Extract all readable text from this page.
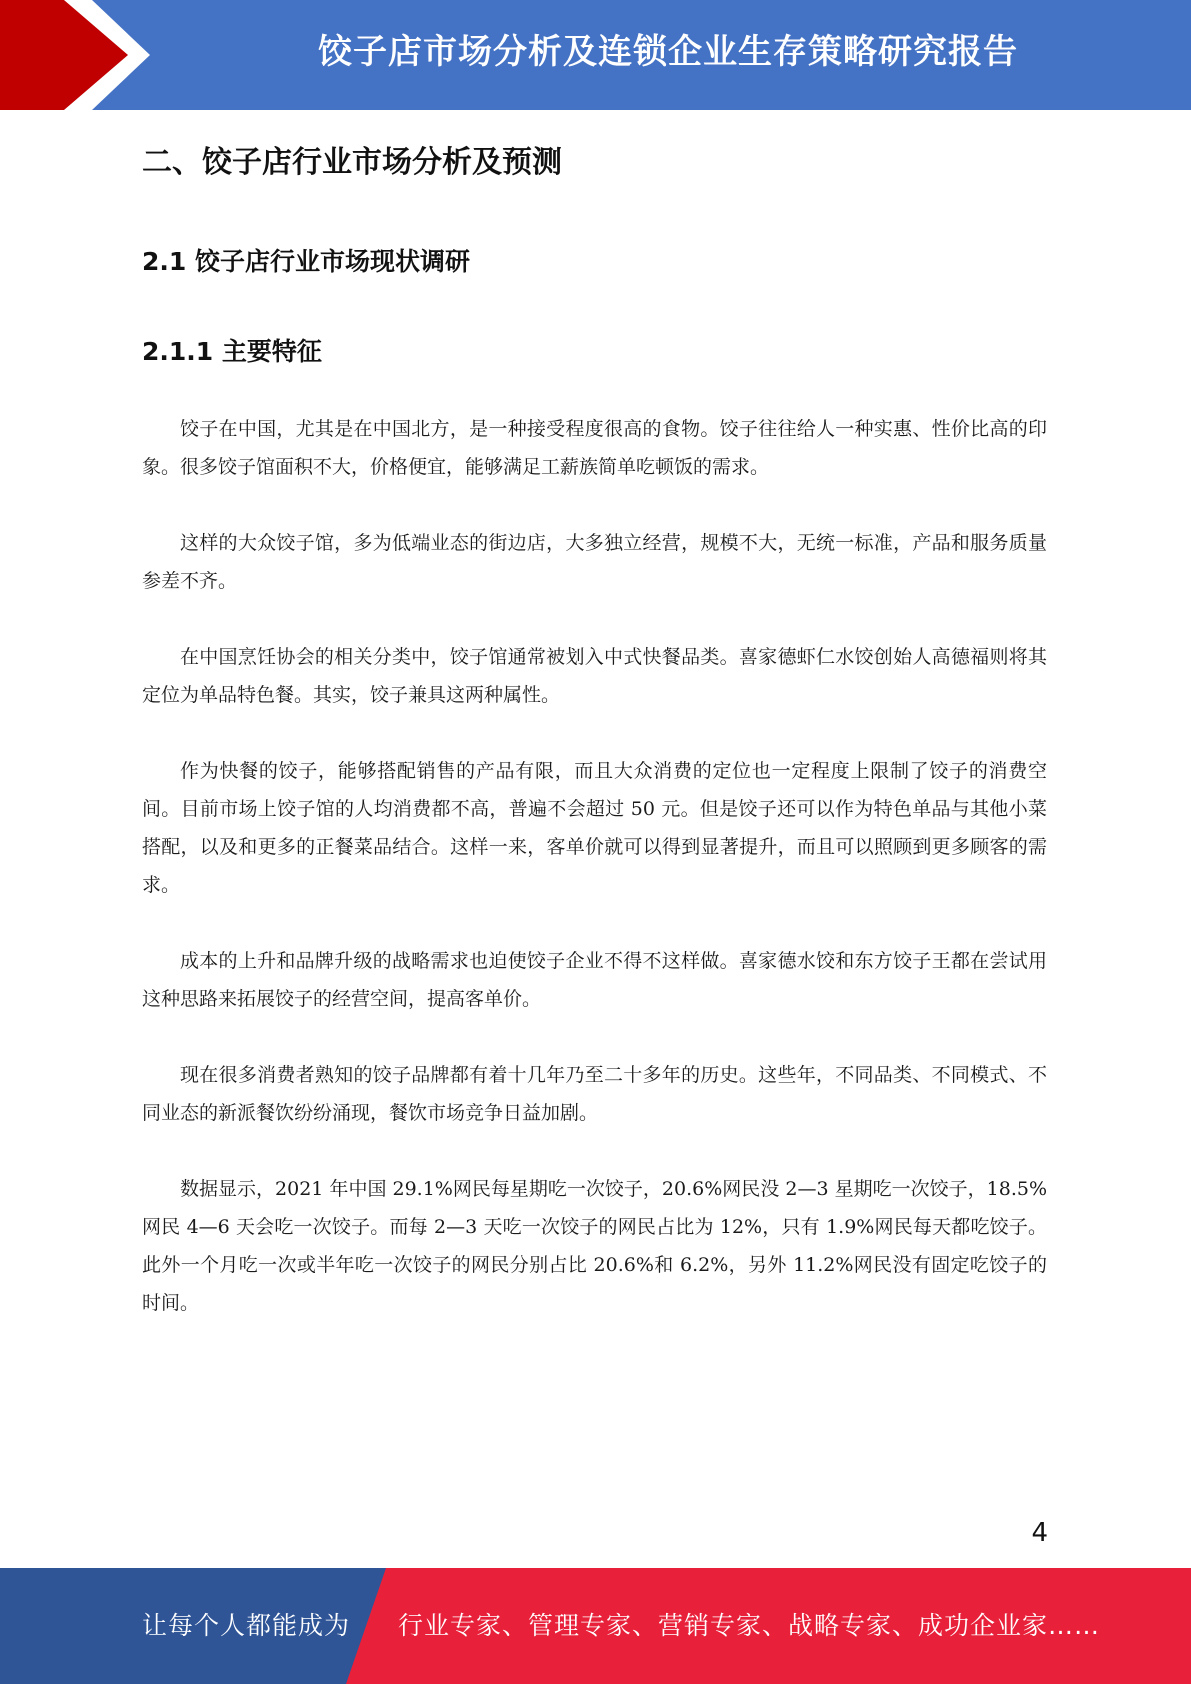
饺子店市场分析及连锁企业生存策略研究报告
二、饺子店行业市场分析及预测
2.1 饺子店行业市场现状调研
2.1.1 主要特征

饺子在中国，尤其是在中国北方，是一种接受程度很高的食物。饺子往往给人一种实惠、性价比高的印象。很多饺子馆面积不大，价格便宜，能够满足工薪族简单吃顿饭的需求。

这样的大众饺子馆，多为低端业态的街边店，大多独立经营，规模不大，无统一标准，产品和服务质量参差不齐。

在中国烹饪协会的相关分类中，饺子馆通常被划入中式快餐品类。喜家德虾仁水饺创始人高德福则将其定位为单品特色餐。其实，饺子兼具这两种属性。

作为快餐的饺子，能够搭配销售的产品有限，而且大众消费的定位也一定程度上限制了饺子的消费空间。目前市场上饺子馆的人均消费都不高，普遍不会超过 50 元。但是饺子还可以作为特色单品与其他小菜搭配，以及和更多的正餐菜品结合。这样一来，客单价就可以得到显著提升，而且可以照顾到更多顾客的需求。

成本的上升和品牌升级的战略需求也迫使饺子企业不得不这样做。喜家德水饺和东方饺子王都在尝试用这种思路来拓展饺子的经营空间，提高客单价。

现在很多消费者熟知的饺子品牌都有着十几年乃至二十多年的历史。这些年，不同品类、不同模式、不同业态的新派餐饮纷纷涌现，餐饮市场竞争日益加剧。

数据显示，2021 年中国 29.1%网民每星期吃一次饺子，20.6%网民没 2—3 星期吃一次饺子，18.5%网民 4—6 天会吃一次饺子。而每 2—3 天吃一次饺子的网民占比为 12%，只有 1.9%网民每天都吃饺子。此外一个月吃一次或半年吃一次饺子的网民分别占比 20.6%和 6.2%，另外 11.2%网民没有固定吃饺子的时间。

4
让每个人都能成为 行业专家、管理专家、营销专家、战略专家、成功企业家……
